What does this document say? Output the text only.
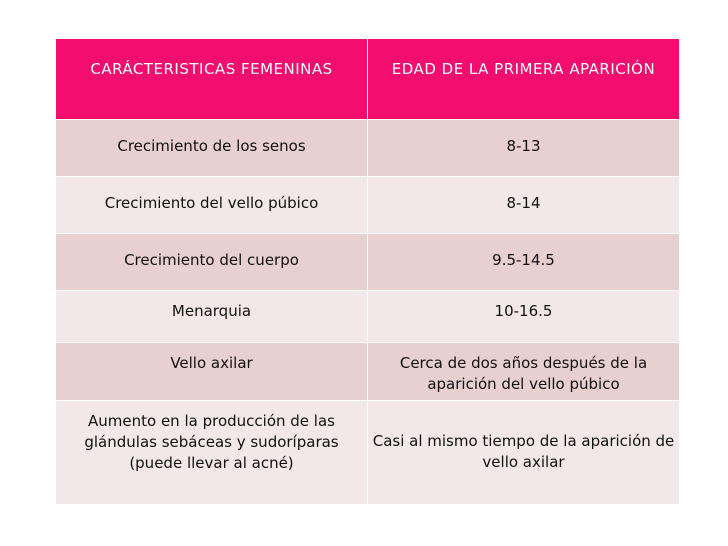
CARÁCTERISTICAS FEMENINAS	EDAD DE LA PRIMERA APARICIÓN
Crecimiento de los senos	8-13
Crecimiento del vello púbico	8-14
Crecimiento del cuerpo	9.5-14.5
Menarquia	10-16.5
Vello axilar	Cerca de dos años después de la aparición del vello púbico
Aumento en la producción de las glándulas sebáceas y sudoríparas (puede llevar al acné)	Casi al mismo tiempo de la aparición de vello axilar
